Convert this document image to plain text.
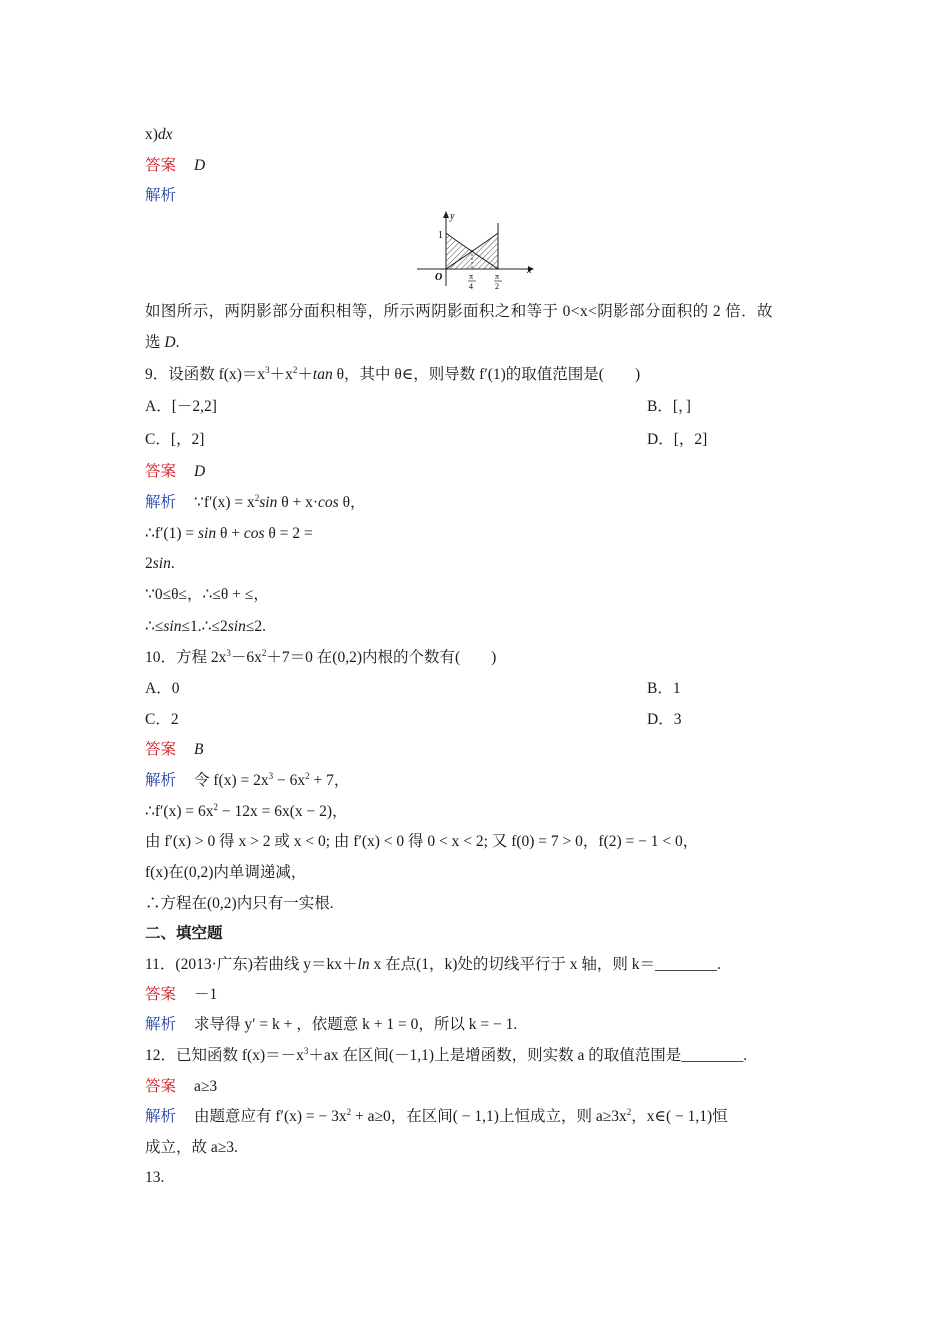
x)dx
答案 D
解析
y
x
1
O	π
4
π
2
如图所示，两阴影部分面积相等，所示两阴影面积之和等于 0<x<阴影部分面积的 2 倍．故
选 D.
9．设函数 $f(x)=x^3+x^2+\tan$ θ，其中 θ∈，则导数 f′(1)的取值范围是(　　)
A．[－2,2]	B．[，]
C．[，2]	D．[，2]
答案 D
解析 ∵f′(x) = $x^2\sin$ θ + x·cos θ，
∴f′(1) = sin θ + cos θ = 2 =
2sin.
∵0≤θ≤，∴≤θ + ≤，
∴≤sin≤1.∴≤2sin≤2.
10．方程 $2x^3-6x^2+7=0$ 在(0,2)内根的个数有(　　)
A．0	B．1
C．2	D．3
答案 B
解析 令 $f(x) = 2x^3 - 6x^2 + 7$，
∴f′(x) = $6x^2 - 12x = 6x(x - 2)$，
由 f′(x) > 0 得 x > 2 或 x < 0; 由 f′(x) < 0 得 0 < x < 2; 又 f(0) = 7 > 0，f(2) = − 1 < 0，
f(x)在(0,2)内单调递减，
∴方程在(0,2)内只有一实根.
二、填空题
11．(2013·广东)若曲线 y＝kx＋ln x 在点(1，k)处的切线平行于 x 轴，则 k＝________.
答案 －1
解析 求导得 y′ = k + ，依题意 k + 1 = 0，所以 k = − 1.
12．已知函数 $f(x)=-x^3+ax$ 在区间(－1,1)上是增函数，则实数 a 的取值范围是________.
答案 a≥3
解析 由题意应有 f′(x) = − $3x^2 + a\ge 0$，在区间( − 1,1)上恒成立，则 $a\ge 3x^2$，x∈( − 1,1)恒
成立，故 a≥3.
13.
